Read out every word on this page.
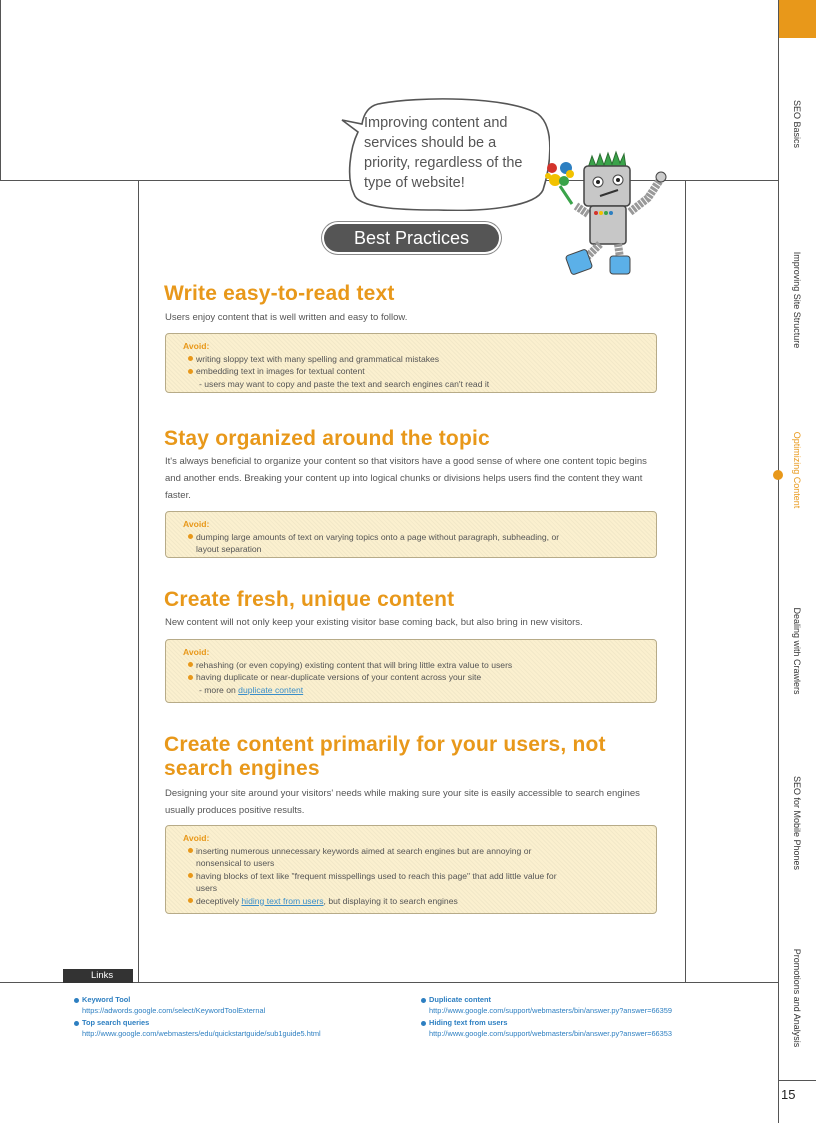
SEO Basics
Improving Site Structure
Optimizing Content
Dealing with Crawlers
SEO for Mobile Phones
Promotions and Analysis
15
Improving content and services should be a priority, regardless of the type of website!
Best Practices
Write easy-to-read text

Users enjoy content that is well written and easy to follow.

Avoid:
writing sloppy text with many spelling and grammatical mistakes
embedding text in images for textual content
- users may want to copy and paste the text and search engines can't read it
Stay organized around the topic

It's always beneficial to organize your content so that visitors have a good sense of where one content topic begins and another ends. Breaking your content up into logical chunks or divisions helps users find the content they want faster.

Avoid:
dumping large amounts of text on varying topics onto a page without paragraph, subheading, or
layout separation
Create fresh, unique content

New content will not only keep your existing visitor base coming back, but also bring in new visitors.

Avoid:
rehashing (or even copying) existing content that will bring little extra value to users
having duplicate or near-duplicate versions of your content across your site
- more on duplicate content
Create content primarily for your users, not
search engines

Designing your site around your visitors' needs while making sure your site is easily accessible to search engines usually produces positive results.

Avoid:
inserting numerous unnecessary keywords aimed at search engines but are annoying or
nonsensical to users
having blocks of text like "frequent misspellings used to reach this page" that add little value for
users
deceptively hiding text from users, but displaying it to search engines
Links
Keyword Tool
https://adwords.google.com/select/KeywordToolExternal
Top search queries
http://www.google.com/webmasters/edu/quickstartguide/sub1guide5.html
Duplicate content
http://www.google.com/support/webmasters/bin/answer.py?answer=66359
Hiding text from users
http://www.google.com/support/webmasters/bin/answer.py?answer=66353
